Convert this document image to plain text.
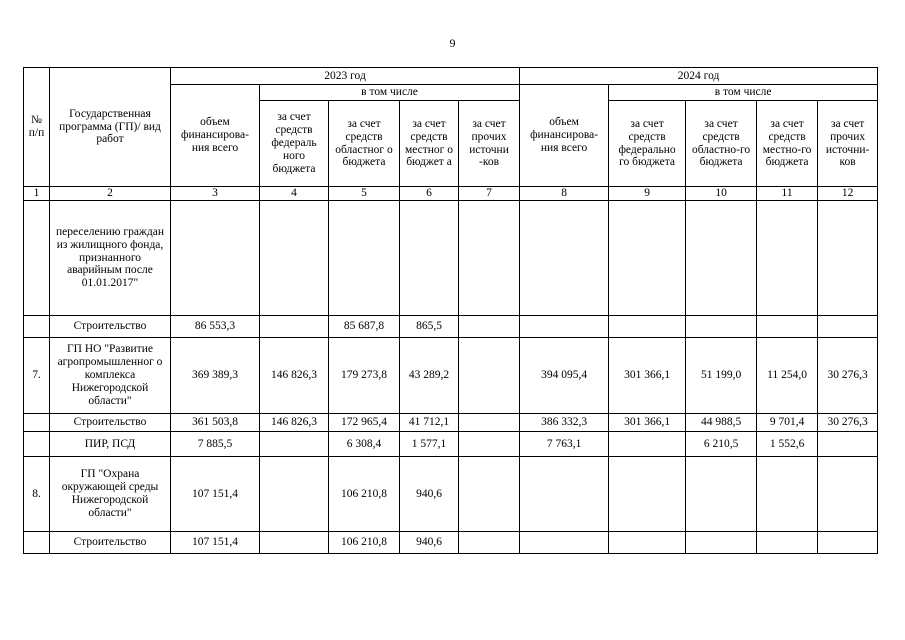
9
№ п/п	Государственная программа (ГП)/ вид работ	2023 год					2024 год				
		объем финансирова-ния всего	в том числе				объем финансирова-ния всего	в том числе			
			за счет средств федераль ного бюджета	за счет средств областног о бюджета	за счет средств местног о бюджет а	за счет прочих источни -ков		за счет средств федерально го бюджета	за счет средств областно-го бюджета	за счет средств местно-го бюджета	за счет прочих источни-ков
1	2	3	4	5	6	7	8	9	10	11	12
	переселению граждан из жилищного фонда, признанного аварийным после 01.01.2017"										
	Строительство	86 553,3		85 687,8	865,5						
7.	ГП НО "Развитие агропромышленног о комплекса Нижегородской области"	369 389,3	146 826,3	179 273,8	43 289,2		394 095,4	301 366,1	51 199,0	11 254,0	30 276,3
	Строительство	361 503,8	146 826,3	172 965,4	41 712,1		386 332,3	301 366,1	44 988,5	9 701,4	30 276,3
	ПИР, ПСД	7 885,5		6 308,4	1 577,1		7 763,1		6 210,5	1 552,6	
8.	ГП "Охрана окружающей среды Нижегородской области"	107 151,4		106 210,8	940,6						
	Строительство	107 151,4		106 210,8	940,6						
